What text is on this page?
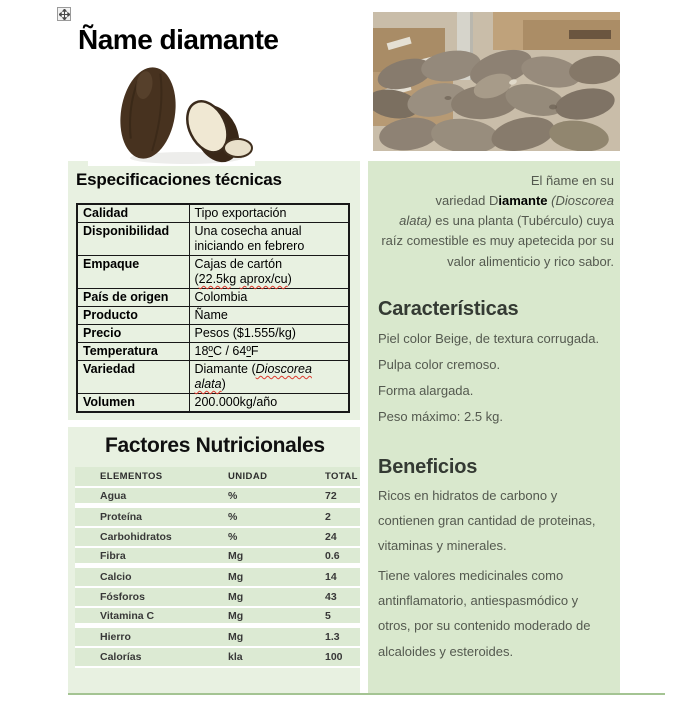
Ñame diamante
Especificaciones técnicas
Calidad	Tipo exportación
Disponibilidad	Una cosecha anual iniciando en febrero
Empaque	Cajas de cartón
(22.5kg aprox/cu)
País de origen	Colombia
Producto	Ñame
Precio	Pesos ($1.555/kg)
Temperatura	18ºC / 64ºF
Variedad	Diamante (Dioscorea alata)
Volumen	200.000kg/año
Factores Nutricionales
ELEMENTOS	UNIDAD	TOTAL
Agua	%	72
Proteína	%	2
Carbohidratos	%	24
Fibra	Mg	0.6
Calcio	Mg	14
Fósforos	Mg	43
Vitamina C	Mg	5
Hierro	Mg	1.3
Calorías	kla	100

El ñame en su
variedad Diamante (Dioscorea
alata) es una planta (Tubérculo) cuya raíz comestible es muy apetecida por su valor alimenticio y rico sabor.

Características

Piel color Beige, de textura corrugada.

Pulpa color cremoso.

Forma alargada.

Peso máximo: 2.5 kg.

Beneficios

Ricos en hidratos de carbono y contienen gran cantidad de proteinas, vitaminas y minerales.

Tiene valores medicinales como antinflamatorio, antiespasmódico y otros, por su contenido moderado de alcaloides y esteroides.
